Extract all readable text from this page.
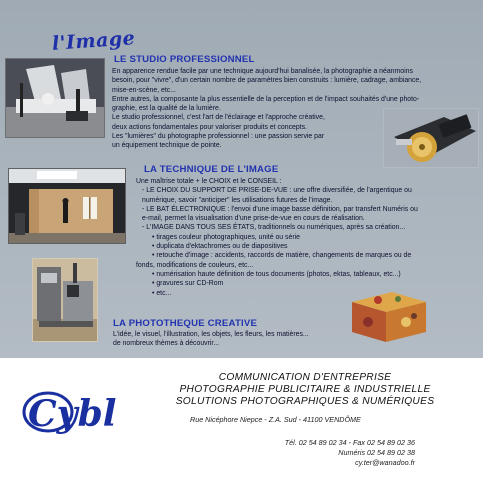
l'Image
LE STUDIO PROFESSIONNEL

En apparence rendue facile par une technique aujourd'hui banalisée, la photographie a néanmoins

besoin, pour "vivre", d'un certain nombre de paramètres bien construits : lumière, cadrage, ambiance,

mise-en-scène, etc...

Entre autres, la composante la plus essentielle de la perception et de l'impact souhaités d'une photo-

graphie, est la qualité de la lumière.

Le studio professionnel, c'est l'art de l'éclairage et l'approche créative,

deux actions fondamentales pour valoriser produits et concepts.

Les "lumières" du photographe professionnel : une passion servie par

un équipement technique de pointe.

LA TECHNIQUE DE L'IMAGE

Une maîtrise totale + le CHOIX et le CONSEIL :

- LE CHOIX DU SUPPORT DE PRISE-DE-VUE : une offre diversifiée, de l'argentique ou

numérique, savoir "anticiper" les utilisations futures de l'image.

- LE BAT ÉLECTRONIQUE : l'envoi d'une image basse définition, par transfert Numéris ou

e-mail, permet la visualisation d'une prise-de-vue en cours de réalisation.

- L'IMAGE DANS TOUS SES ÉTATS, traditionnels ou numériques, après sa création...

• tirages couleur photographiques, unité ou série

• duplicata d'ektachromes ou de diapositives

• retouche d'image : accidents, raccords de matière, changements de marques ou de

fonds, modifications de couleurs, etc...

• numérisation haute définition de tous documents (photos, ektas, tableaux, etc...)

• gravures sur CD-Rom

• etc...

LA PHOTOTHEQUE CREATIVE

L'idée, le visuel, l'illustration, les objets, les fleurs, les matières...

de nombreux thèmes à découvrir...

Cybl

COMMUNICATION D'ENTREPRISE

PHOTOGRAPHIE PUBLICITAIRE & INDUSTRIELLE

SOLUTIONS PHOTOGRAPHIQUES & NUMÉRIQUES

Rue Nicéphore Niepce - Z.A. Sud - 41100 VENDÔME

Tél. 02 54 89 02 34 - Fax 02 54 89 02 36

Numéris 02 54 89 02 38

cy.ter@wanadoo.fr
